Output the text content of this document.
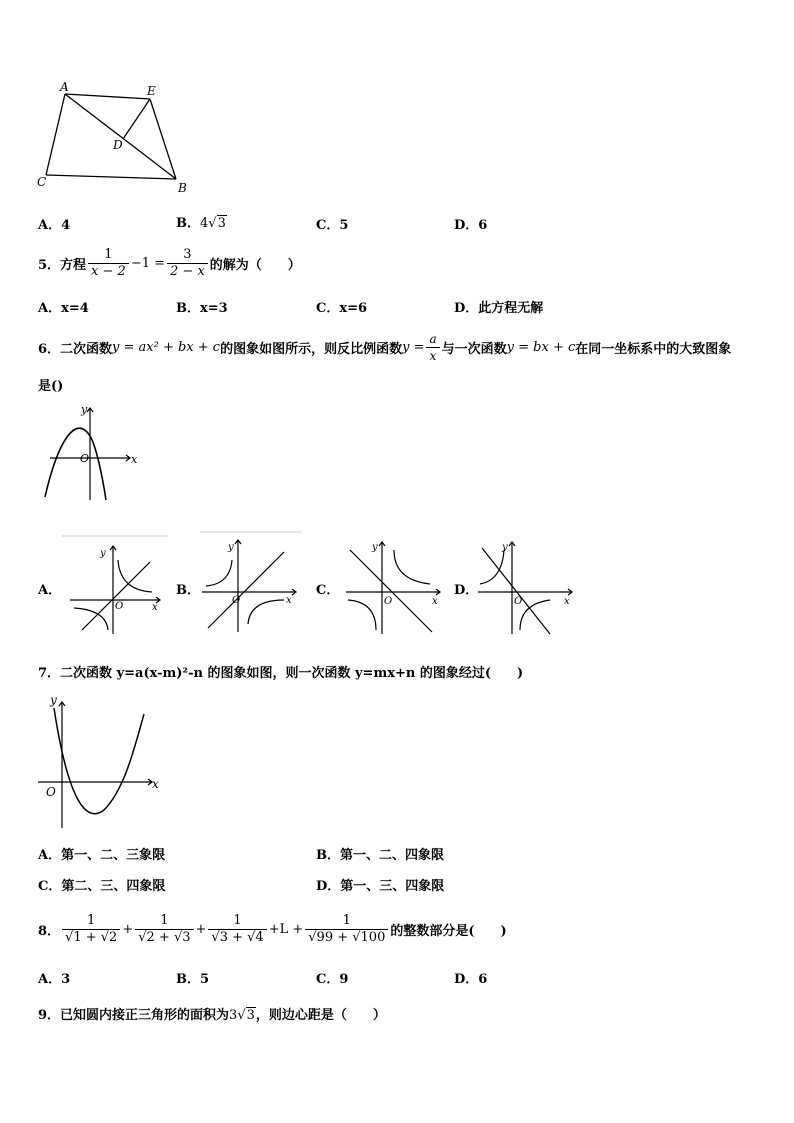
A	E
D
C	B
A．4	B．4√3	C．5	D．6
5．方程 $\frac{1}{x - 2} -1 = \frac{3}{2 - x}$ 的解为（　　）
A．x=4	B．x=3	C．x=6	D．此方程无解
6．二次函数 y = ax² + bx + c 的图象如图所示，则反比例函数 $y = \frac{a}{x}$ 与一次函数 y = bx + c 在同一坐标系中的大致图象
是()
y
x
O
A．	B．	C．	D．
y
x
O
y
x
O
y
x
O
y
x
O
7．二次函数 y=a(x-m)²-n 的图象如图，则一次函数 y=mx+n 的图象经过(　　)
y
x
O
A．第一、二、三象限	B．第一、二、四象限
C．第二、三、四象限	D．第一、三、四象限
8． $\frac{1}{√1 + √2} + \frac{1}{√2 + √3} + \frac{1}{√3 + √4} +L + \frac{1}{√99 + √100}$ 的整数部分是(　　)
A．3	B．5	C．9	D．6
9．已知圆内接正三角形的面积为3√3，则边心距是（　　）
